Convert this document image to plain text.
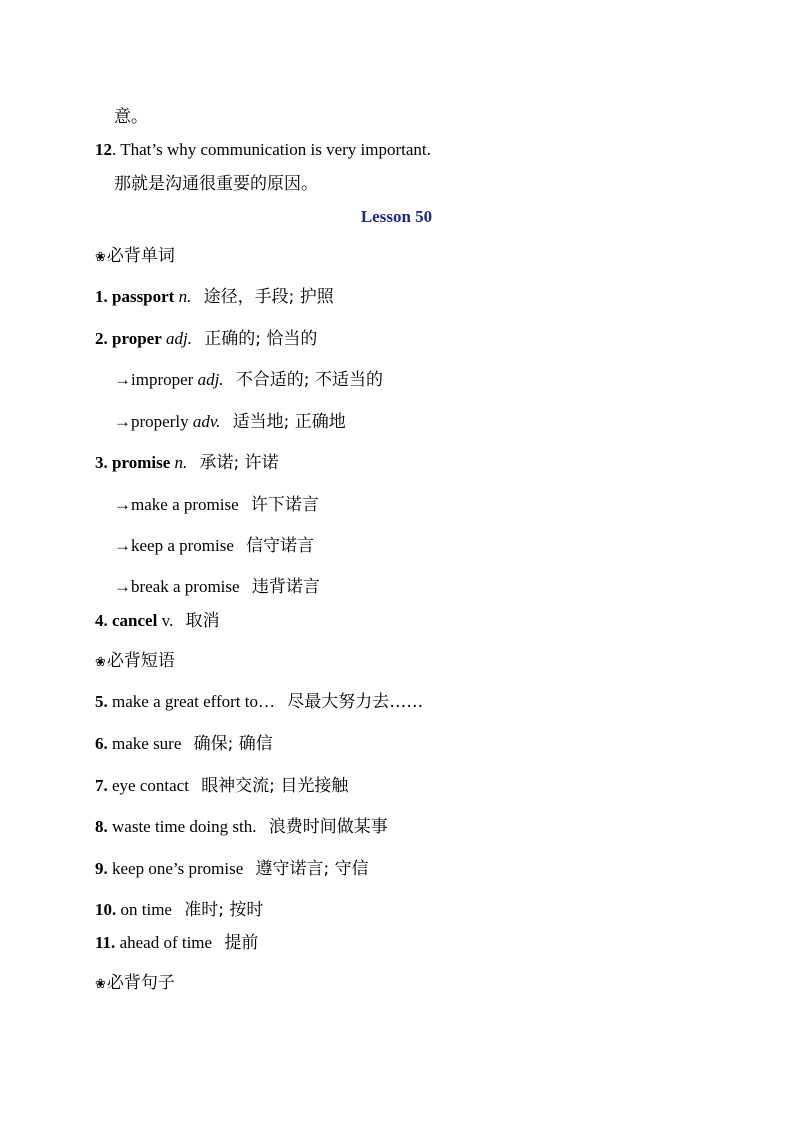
意。
12. That’s why communication is very important.
那就是沟通很重要的原因。
Lesson 50
❀必背单词
1. passport n. 途径，手段; 护照
2. proper adj. 正确的; 恰当的
→improper adj. 不合适的; 不适当的
→properly adv. 适当地; 正确地
3. promise n. 承诺; 许诺
→make a promise 许下诺言
→keep a promise 信守诺言
→break a promise 违背诺言
4. cancel v. 取消
❀必背短语
5. make a great effort to… 尽最大努力去……
6. make sure 确保; 确信
7. eye contact 眼神交流; 目光接触
8. waste time doing sth. 浪费时间做某事
9. keep one’s promise 遵守诺言; 守信
10. on time 准时; 按时
11. ahead of time 提前
❀必背句子
